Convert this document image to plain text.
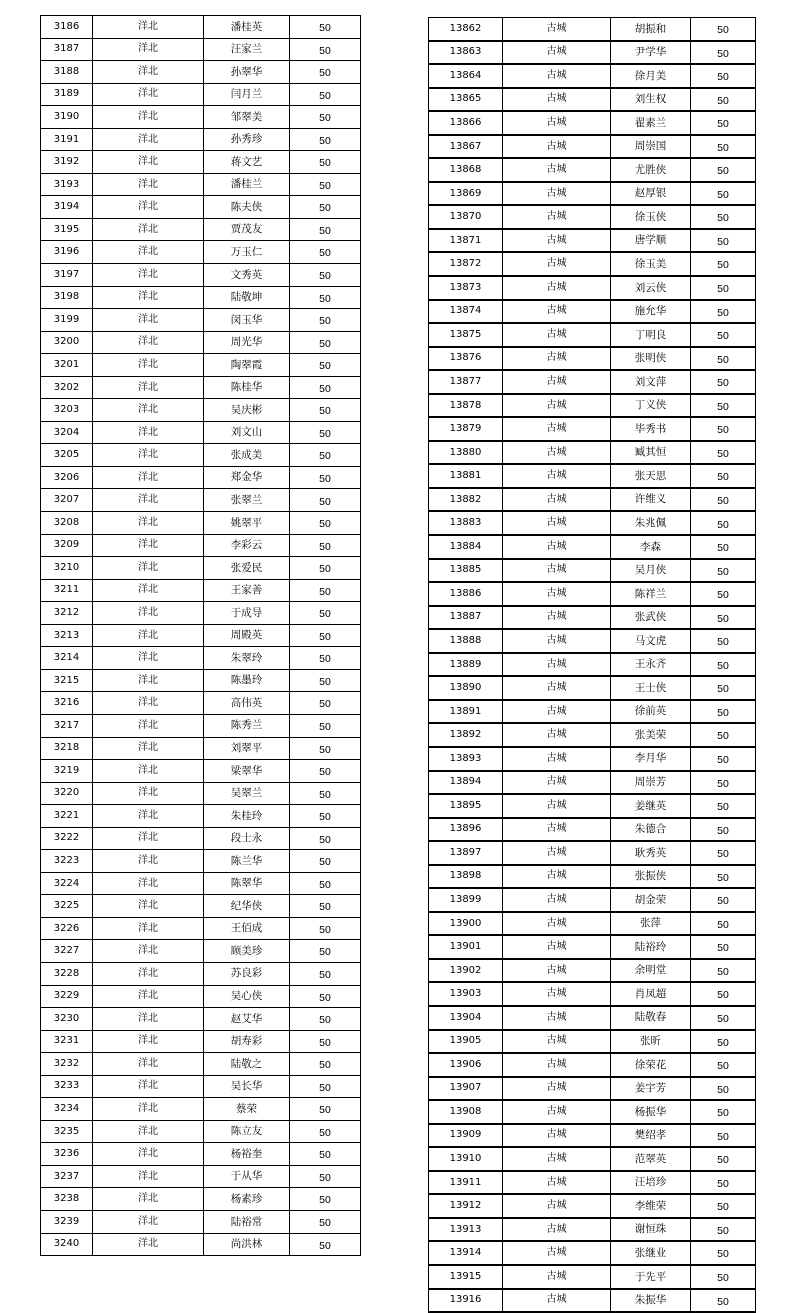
3186	洋北	潘桂英	50
3187	洋北	汪家兰	50
3188	洋北	孙翠华	50
3189	洋北	闫月兰	50
3190	洋北	邹翠美	50
3191	洋北	孙秀珍	50
3192	洋北	蒋文艺	50
3193	洋北	潘桂兰	50
3194	洋北	陈夫侠	50
3195	洋北	贾茂友	50
3196	洋北	万玉仁	50
3197	洋北	文秀英	50
3198	洋北	陆敬坤	50
3199	洋北	闵玉华	50
3200	洋北	周光华	50
3201	洋北	陶翠霞	50
3202	洋北	陈桂华	50
3203	洋北	吴庆彬	50
3204	洋北	刘文山	50
3205	洋北	张成美	50
3206	洋北	郑金华	50
3207	洋北	张翠兰	50
3208	洋北	姚翠平	50
3209	洋北	李彩云	50
3210	洋北	张爱民	50
3211	洋北	王家善	50
3212	洋北	于成导	50
3213	洋北	周殿英	50
3214	洋北	朱翠玲	50
3215	洋北	陈墨玲	50
3216	洋北	高伟英	50
3217	洋北	陈秀兰	50
3218	洋北	刘翠平	50
3219	洋北	梁翠华	50
3220	洋北	吴翠兰	50
3221	洋北	朱桂玲	50
3222	洋北	段士永	50
3223	洋北	陈兰华	50
3224	洋北	陈翠华	50
3225	洋北	纪华侠	50
3226	洋北	王佰成	50
3227	洋北	顾美珍	50
3228	洋北	苏良彩	50
3229	洋北	吴心侠	50
3230	洋北	赵艾华	50
3231	洋北	胡寿彩	50
3232	洋北	陆敬之	50
3233	洋北	吴长华	50
3234	洋北	蔡荣	50
3235	洋北	陈立友	50
3236	洋北	杨裕奎	50
3237	洋北	于从华	50
3238	洋北	杨素珍	50
3239	洋北	陆裕常	50
3240	洋北	尚洪林	50
13862	古城	胡振和	50
13863	古城	尹学华	50
13864	古城	徐月美	50
13865	古城	刘生权	50
13866	古城	翟素兰	50
13867	古城	周崇国	50
13868	古城	尤胜侠	50
13869	古城	赵厚银	50
13870	古城	徐玉侠	50
13871	古城	唐学顺	50
13872	古城	徐玉美	50
13873	古城	刘云侠	50
13874	古城	施允华	50
13875	古城	丁明良	50
13876	古城	张明侠	50
13877	古城	刘文萍	50
13878	古城	丁义侠	50
13879	古城	毕秀书	50
13880	古城	臧其恒	50
13881	古城	张天思	50
13882	古城	许维义	50
13883	古城	朱兆佩	50
13884	古城	李森	50
13885	古城	吴月侠	50
13886	古城	陈祥兰	50
13887	古城	张武侠	50
13888	古城	马文虎	50
13889	古城	王永齐	50
13890	古城	王士侠	50
13891	古城	徐前英	50
13892	古城	张美荣	50
13893	古城	李月华	50
13894	古城	周崇芳	50
13895	古城	姜继英	50
13896	古城	朱德合	50
13897	古城	耿秀英	50
13898	古城	张振侠	50
13899	古城	胡金荣	50
13900	古城	张萍	50
13901	古城	陆裕玲	50
13902	古城	余明堂	50
13903	古城	肖凤超	50
13904	古城	陆敬春	50
13905	古城	张昕	50
13906	古城	徐荣花	50
13907	古城	姜宇芳	50
13908	古城	杨振华	50
13909	古城	樊绍孝	50
13910	古城	范翠英	50
13911	古城	汪培珍	50
13912	古城	李维荣	50
13913	古城	谢恒珠	50
13914	古城	张继业	50
13915	古城	于先平	50
13916	古城	朱振华	50
